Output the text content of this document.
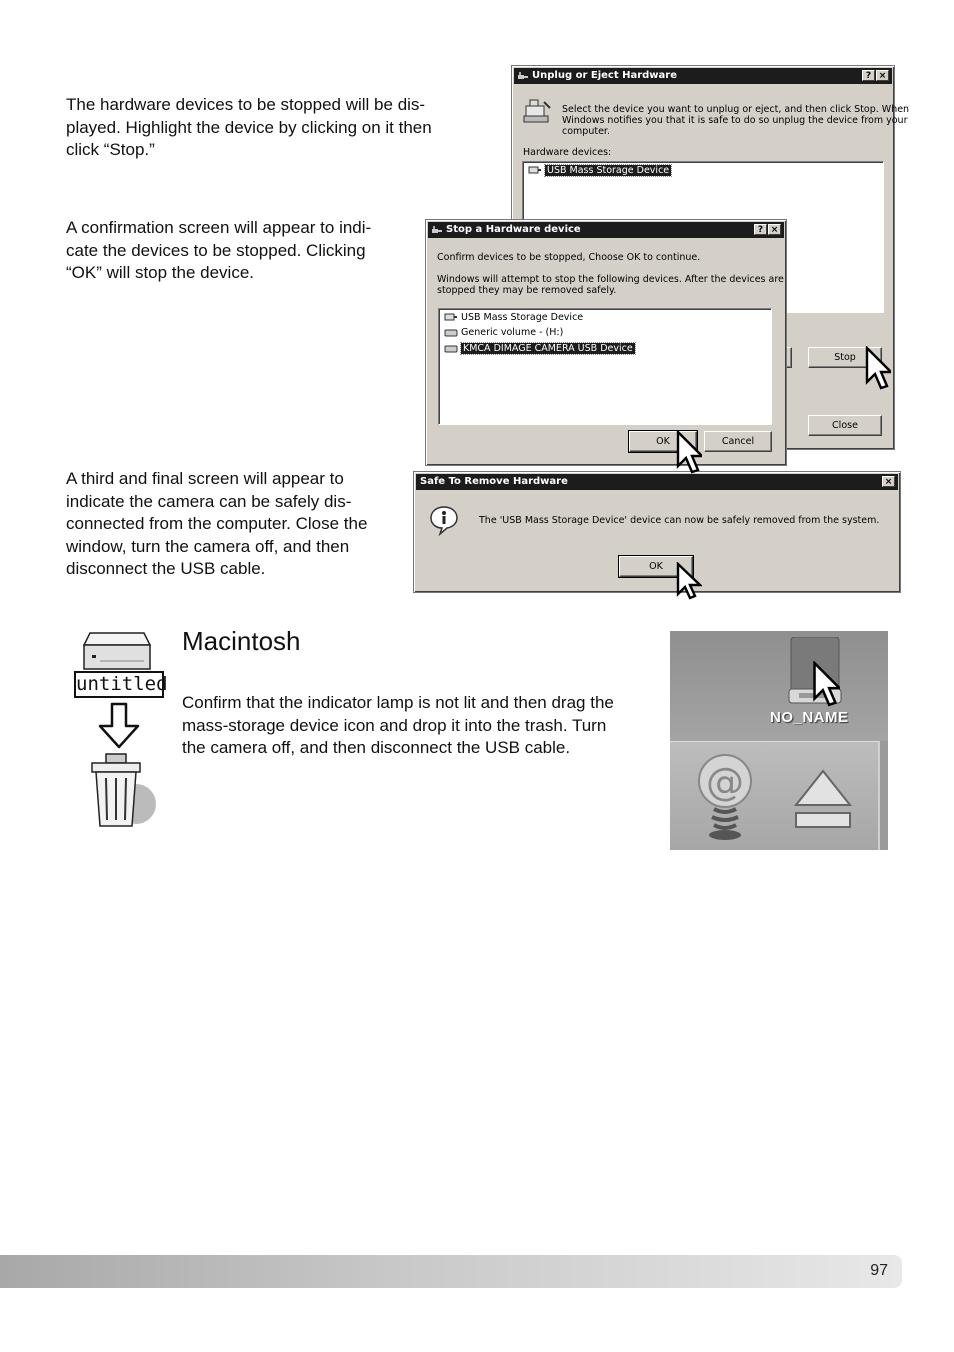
The hardware devices to be stopped will be dis-
played. Highlight the device by clicking on it then
click “Stop.”

A confirmation screen will appear to indi-
cate the devices to be stopped. Clicking
“OK” will stop the device.

A third and final screen will appear to
indicate the camera can be safely dis-
connected from the computer. Close the
window, turn the camera off, and then
disconnect the USB cable.

Unplug or Eject Hardware	? ×
Select the device you want to unplug or eject, and then click Stop. When
Windows notifies you that it is safe to do so unplug the device from your
computer.
Hardware devices:
USB Mass Storage Device
Stop
Close
Stop a Hardware device	? ×
Confirm devices to be stopped, Choose OK to continue.
Windows will attempt to stop the following devices. After the devices are
stopped they may be removed safely.
USB Mass Storage Device
Generic volume - (H:)
KMCA DIMAGE CAMERA USB Device
OK	Cancel
Safe To Remove Hardware	×
The 'USB Mass Storage Device' device can now be safely removed from the system.
OK
untitled
Macintosh

Confirm that the indicator lamp is not lit and then drag the
mass-storage device icon and drop it into the trash. Turn
the camera off, and then disconnect the USB cable.

NO_NAME
@
97
